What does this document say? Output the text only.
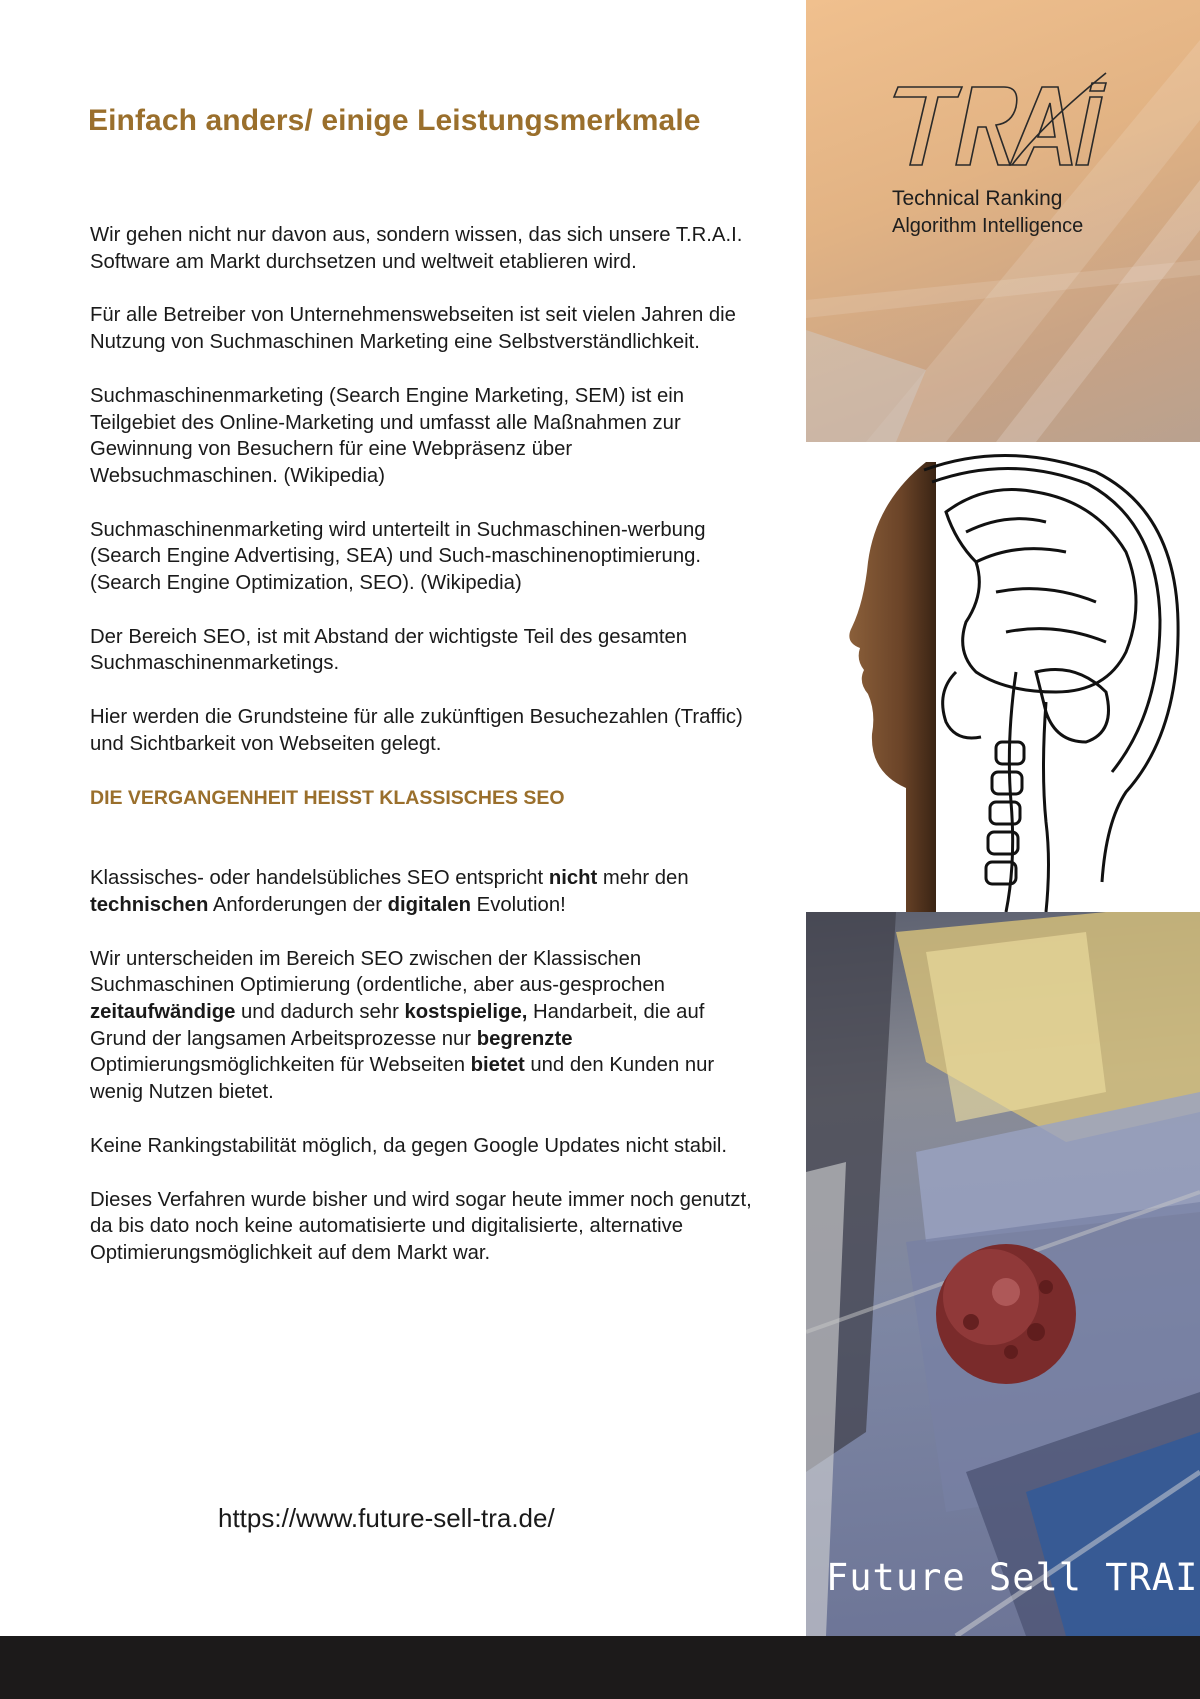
Einfach anders/ einige Leistungsmerkmale

Wir gehen nicht nur davon aus, sondern wissen, das sich unsere T.R.A.I. Software am Markt durchsetzen und weltweit etablieren wird.

Für alle Betreiber von Unternehmenswebseiten ist seit vielen Jahren die Nutzung von Suchmaschinen Marketing eine Selbstverständlichkeit.

Suchmaschinenmarketing (Search Engine Marketing, SEM) ist ein Teilgebiet des Online-Marketing und umfasst alle Maßnahmen zur Gewinnung von Besuchern für eine Webpräsenz über Websuchmaschinen. (Wikipedia)

Suchmaschinenmarketing wird unterteilt in Suchmaschinen-werbung (Search Engine Advertising, SEA) und Such-maschinenoptimierung.
(Search Engine Optimization, SEO). (Wikipedia)

Der Bereich SEO, ist mit Abstand der wichtigste Teil des gesamten Suchmaschinenmarketings.

Hier werden die Grundsteine für alle zukünftigen Besuchezahlen (Traffic) und Sichtbarkeit von Webseiten gelegt.

DIE VERGANGENHEIT HEISST KLASSISCHES SEO

Klassisches- oder handelsübliches SEO entspricht nicht mehr den technischen Anforderungen der digitalen Evolution!

Wir unterscheiden im Bereich SEO zwischen der Klassischen Suchmaschinen Optimierung (ordentliche, aber aus-gesprochen zeitaufwändige und dadurch sehr kostspielige, Handarbeit, die auf Grund der langsamen Arbeitsprozesse nur begrenzte Optimierungsmöglichkeiten für Webseiten bietet und den Kunden nur wenig Nutzen bietet.

Keine Rankingstabilität möglich, da gegen Google Updates nicht stabil.

Dieses Verfahren wurde bisher und wird sogar heute immer noch genutzt, da bis dato noch keine automatisierte und digitalisierte, alternative Optimierungsmöglichkeit auf dem Markt war.

https://www.future-sell-tra.de/
Technical Ranking
Algorithm Intelligence
Future Sell TRAI
